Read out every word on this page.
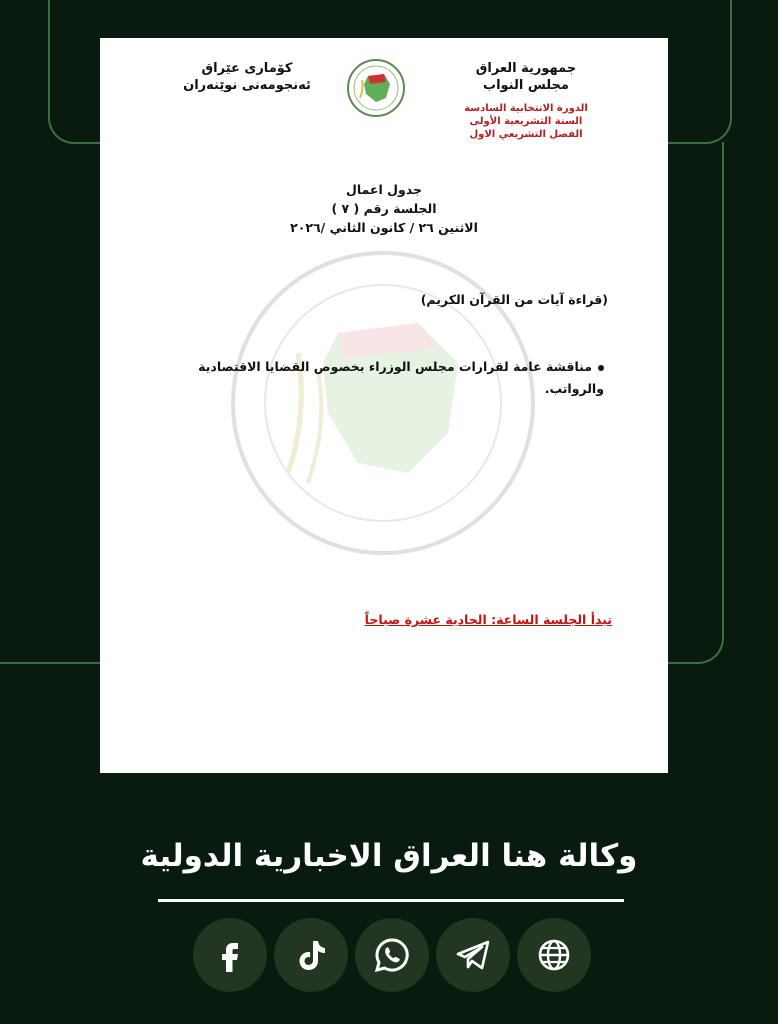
جمهورية العراق
مجلس النواب
الدورة الانتخابية السادسة
السنة التشريعية الأولى
الفصل التشريعي الاول
كۆماری عێراق
ئەنجومەنی نوێنەران
جدول اعمال
الجلسة رقم ( ٧ )
الاثنين ٢٦ / كانون الثاني /٢٠٢٦
(قراءة آيات من القرآن الكريم)
مناقشة عامة لقرارات مجلس الوزراء بخصوص القضايا الاقتصادية والرواتب.
تبدأ الجلسة الساعة: الحادية عشرة صباحاً
وكالة هنا العراق الاخبارية الدولية
